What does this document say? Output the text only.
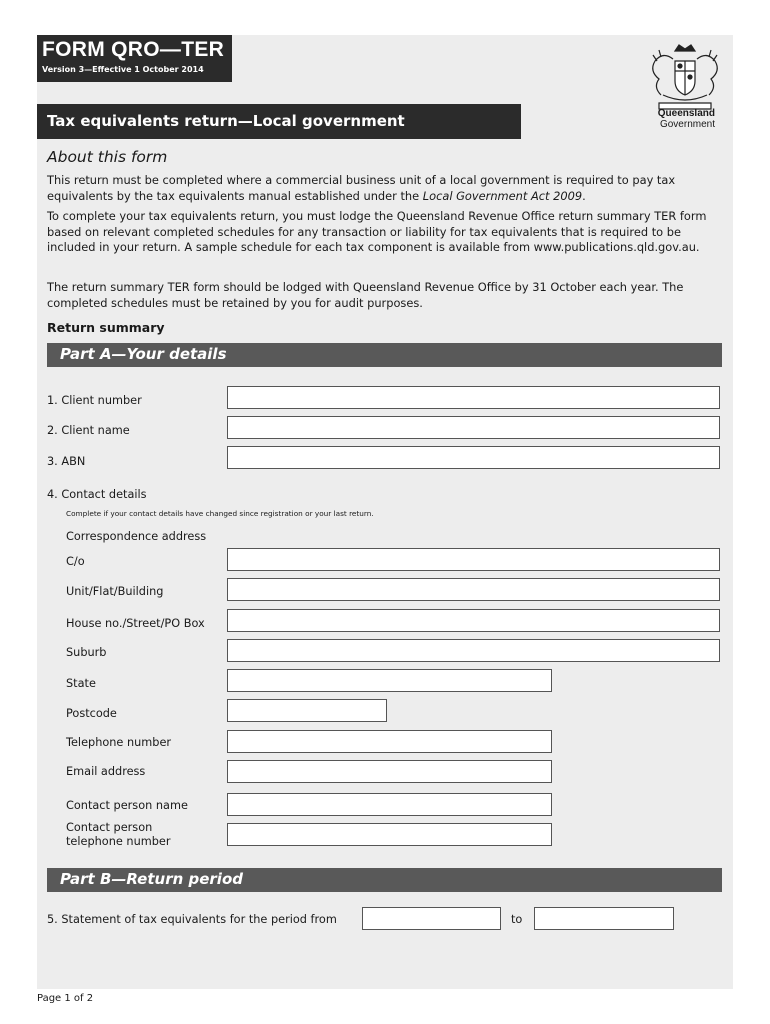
FORM QRO—TER
Version 3—Effective 1 October 2014
Tax equivalents return—Local government	Queensland
Government
About this form
This return must be completed where a commercial business unit of a local government is required to pay tax equivalents by the tax equivalents manual established under the Local Government Act 2009.
To complete your tax equivalents return, you must lodge the Queensland Revenue Office return summary TER form based on relevant completed schedules for any transaction or liability for tax equivalents that is required to be included in your return. A sample schedule for each tax component is available from www.publications.qld.gov.au.
The return summary TER form should be lodged with Queensland Revenue Office by 31 October each year. The completed schedules must be retained by you for audit purposes.
Return summary
Part A—Your details
1. Client number
2. Client name
3. ABN
4. Contact details
Complete if your contact details have changed since registration or your last return.
Correspondence address
C/o
Unit/Flat/Building
House no./Street/PO Box
Suburb
State
Postcode
Telephone number
Email address
Contact person name
Contact person
telephone number
Part B—Return period
5. Statement of tax equivalents for the period from	to
Page 1 of 2
